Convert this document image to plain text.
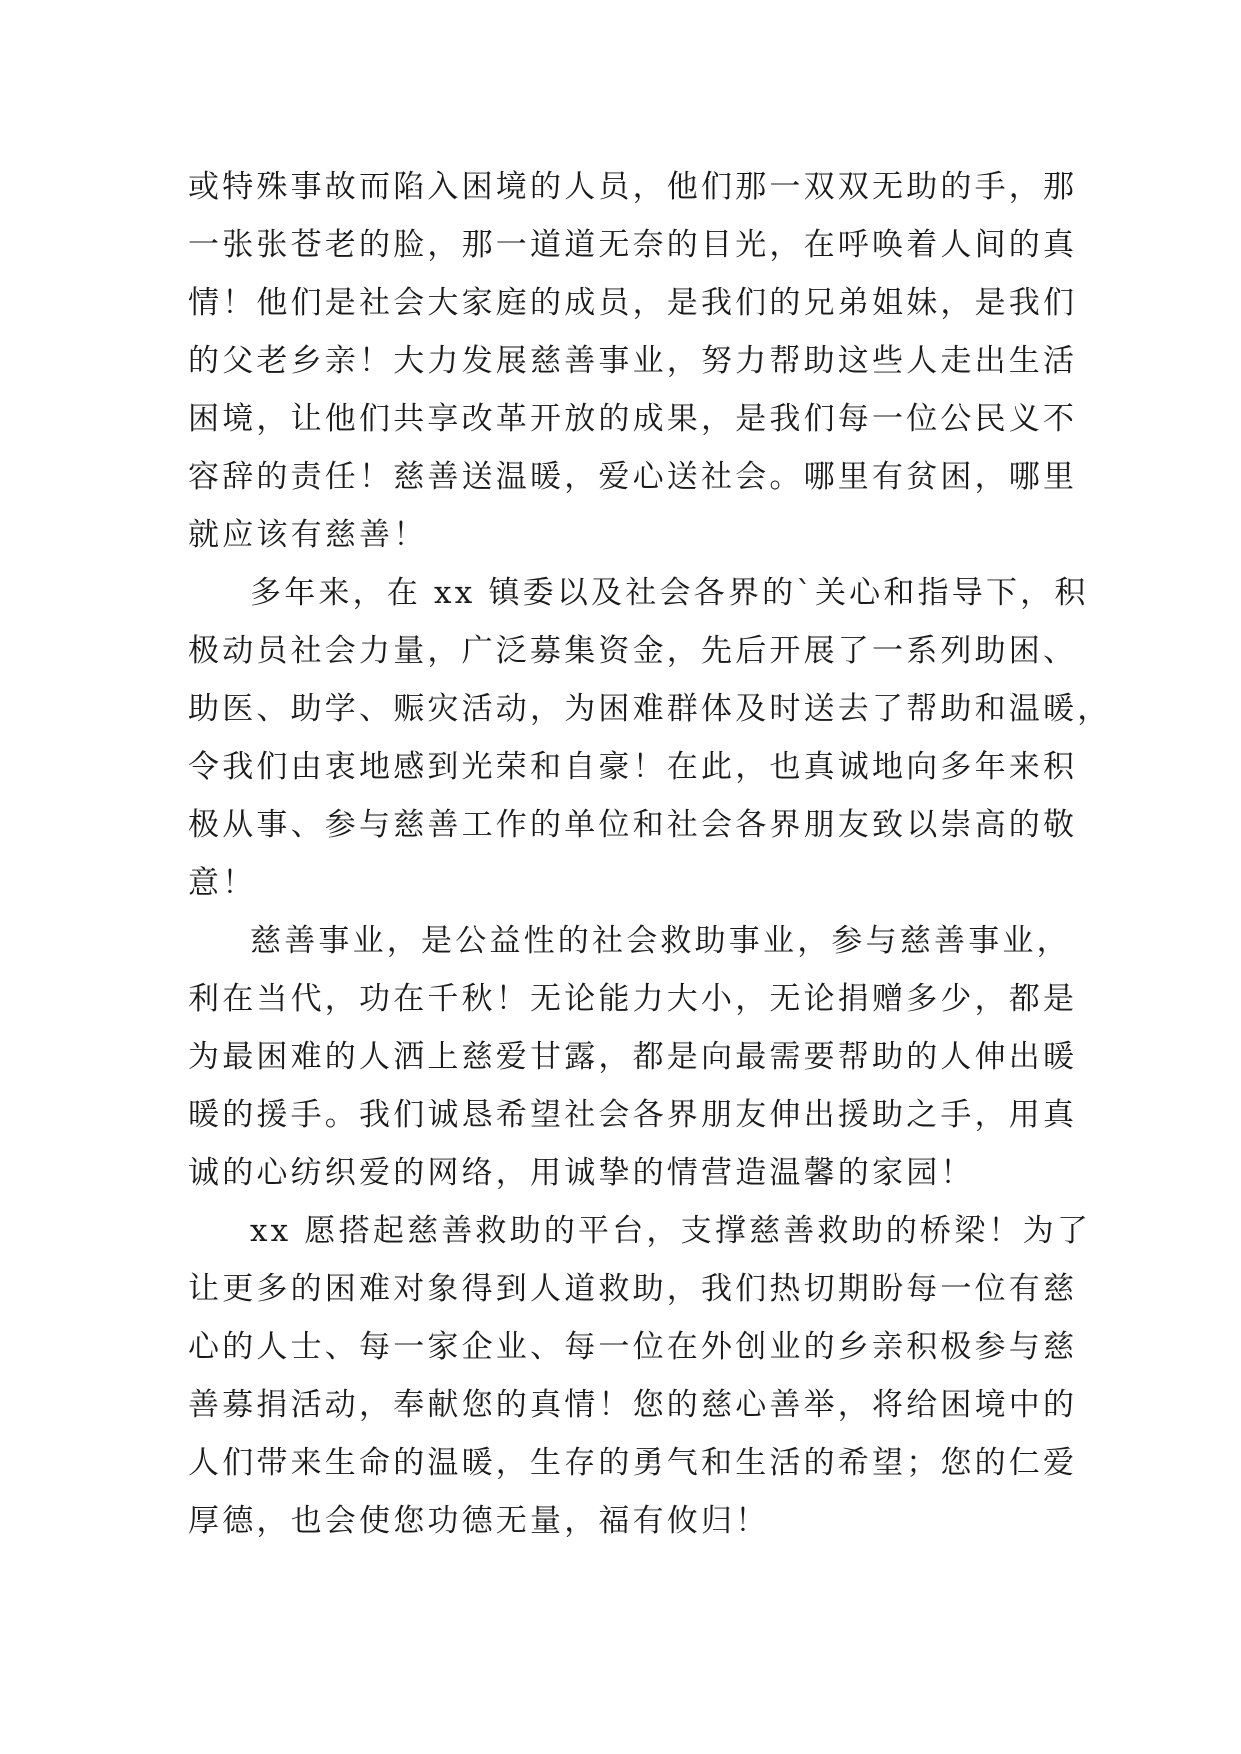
或特殊事故而陷入困境的人员，他们那一双双无助的手，那
一张张苍老的脸，那一道道无奈的目光，在呼唤着人间的真
情！他们是社会大家庭的成员，是我们的兄弟姐妹，是我们
的父老乡亲！大力发展慈善事业，努力帮助这些人走出生活
困境，让他们共享改革开放的成果，是我们每一位公民义不
容辞的责任！慈善送温暖，爱心送社会。哪里有贫困，哪里
就应该有慈善！
多年来，在 xx 镇委以及社会各界的`关心和指导下，积
极动员社会力量，广泛募集资金，先后开展了一系列助困、
助医、助学、赈灾活动，为困难群体及时送去了帮助和温暖，
令我们由衷地感到光荣和自豪！在此，也真诚地向多年来积
极从事、参与慈善工作的单位和社会各界朋友致以崇高的敬
意！
慈善事业，是公益性的社会救助事业，参与慈善事业，
利在当代，功在千秋！无论能力大小，无论捐赠多少，都是
为最困难的人洒上慈爱甘露，都是向最需要帮助的人伸出暖
暖的援手。我们诚恳希望社会各界朋友伸出援助之手，用真
诚的心纺织爱的网络，用诚挚的情营造温馨的家园！
xx 愿搭起慈善救助的平台，支撑慈善救助的桥梁！为了
让更多的困难对象得到人道救助，我们热切期盼每一位有慈
心的人士、每一家企业、每一位在外创业的乡亲积极参与慈
善募捐活动，奉献您的真情！您的慈心善举，将给困境中的
人们带来生命的温暖，生存的勇气和生活的希望；您的仁爱
厚德，也会使您功德无量，福有攸归！
